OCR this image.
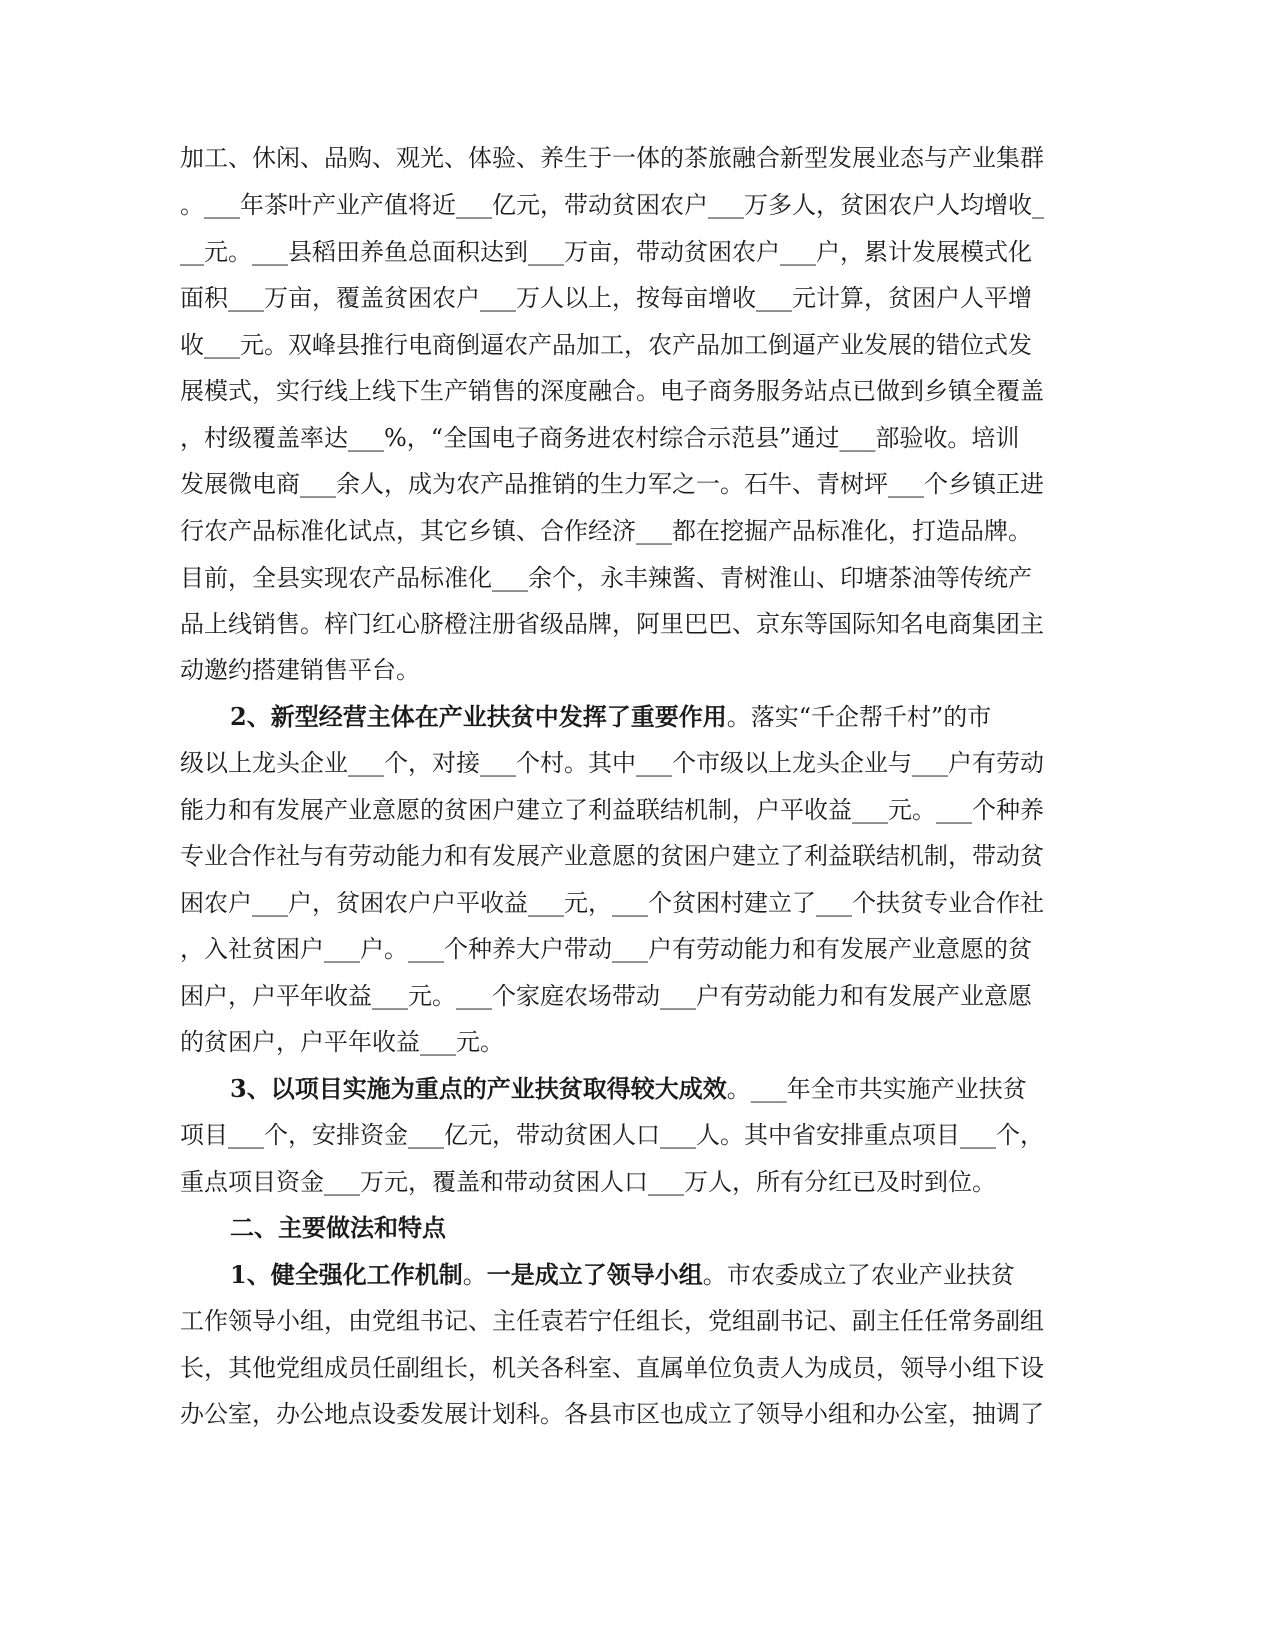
加工、休闲、品购、观光、体验、养生于一体的茶旅融合新型发展业态与产业集群
。___年茶叶产业产值将近___亿元，带动贫困农户___万多人，贫困农户人均增收_
__元。___县稻田养鱼总面积达到___万亩，带动贫困农户___户，累计发展模式化
面积___万亩，覆盖贫困农户___万人以上，按每亩增收___元计算，贫困户人平增
收___元。双峰县推行电商倒逼农产品加工，农产品加工倒逼产业发展的错位式发
展模式，实行线上线下生产销售的深度融合。电子商务服务站点已做到乡镇全覆盖
，村级覆盖率达___%，“全国电子商务进农村综合示范县”通过___部验收。培训
发展微电商___余人，成为农产品推销的生力军之一。石牛、青树坪___个乡镇正进
行农产品标准化试点，其它乡镇、合作经济___都在挖掘产品标准化，打造品牌。
目前，全县实现农产品标准化___余个，永丰辣酱、青树淮山、印塘茶油等传统产
品上线销售。梓门红心脐橙注册省级品牌，阿里巴巴、京东等国际知名电商集团主
动邀约搭建销售平台。
2、新型经营主体在产业扶贫中发挥了重要作用。落实“千企帮千村”的市
级以上龙头企业___个，对接___个村。其中___个市级以上龙头企业与___户有劳动
能力和有发展产业意愿的贫困户建立了利益联结机制，户平收益___元。___个种养
专业合作社与有劳动能力和有发展产业意愿的贫困户建立了利益联结机制，带动贫
困农户___户，贫困农户户平收益___元，___个贫困村建立了___个扶贫专业合作社
，入社贫困户___户。___个种养大户带动___户有劳动能力和有发展产业意愿的贫
困户，户平年收益___元。___个家庭农场带动___户有劳动能力和有发展产业意愿
的贫困户，户平年收益___元。
3、以项目实施为重点的产业扶贫取得较大成效。___年全市共实施产业扶贫
项目___个，安排资金___亿元，带动贫困人口___人。其中省安排重点项目___个，
重点项目资金___万元，覆盖和带动贫困人口___万人，所有分红已及时到位。
二、主要做法和特点
1、健全强化工作机制。一是成立了领导小组。市农委成立了农业产业扶贫
工作领导小组，由党组书记、主任袁若宁任组长，党组副书记、副主任任常务副组
长，其他党组成员任副组长，机关各科室、直属单位负责人为成员，领导小组下设
办公室，办公地点设委发展计划科。各县市区也成立了领导小组和办公室，抽调了
